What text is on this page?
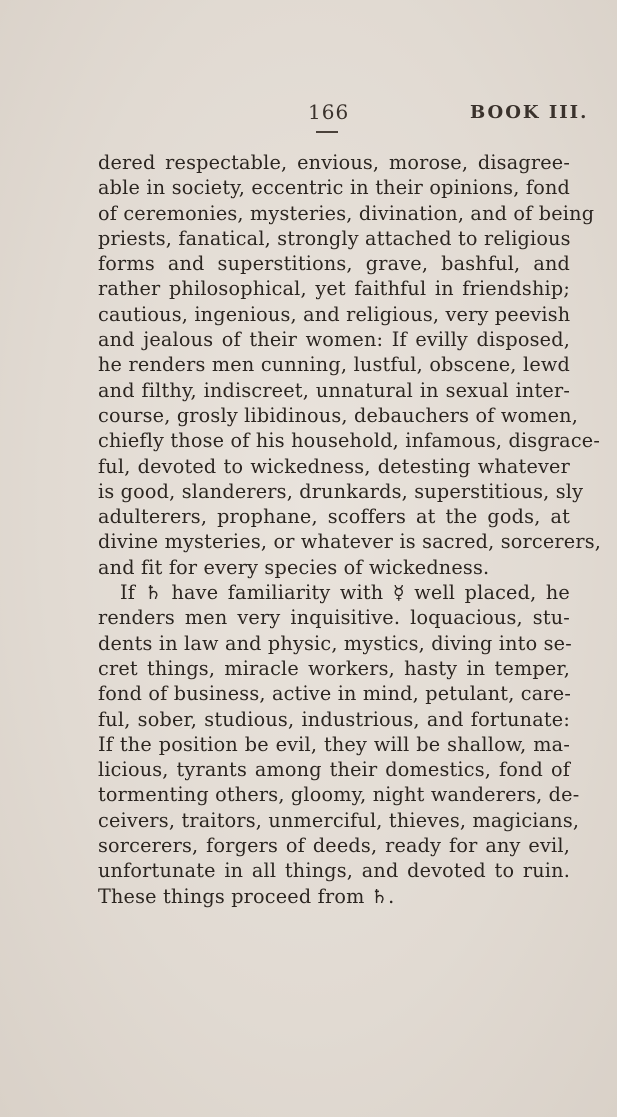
166	BOOK III.
dered respectable, envious, morose, disagree-
able in society, eccentric in their opinions, fond
of ceremonies, mysteries, divination, and of being
priests, fanatical, strongly attached to religious
forms and superstitions, grave, bashful, and
rather philosophical, yet faithful in friendship;
cautious, ingenious, and religious, very peevish
and jealous of their women: If evilly disposed,
he renders men cunning, lustful, obscene, lewd
and filthy, indiscreet, unnatural in sexual inter-
course, grosly libidinous, debauchers of women,
chiefly those of his household, infamous, disgrace-
ful, devoted to wickedness, detesting whatever
is good, slanderers, drunkards, superstitious, sly
adulterers, prophane, scoffers at the gods, at
divine mysteries, or whatever is sacred, sorcerers,
and fit for every species of wickedness.
If ♄ have familiarity with ☿ well placed, he
renders men very inquisitive. loquacious, stu-
dents in law and physic, mystics, diving into se-
cret things, miracle workers, hasty in temper,
fond of business, active in mind, petulant, care-
ful, sober, studious, industrious, and fortunate:
If the position be evil, they will be shallow, ma-
licious, tyrants among their domestics, fond of
tormenting others, gloomy, night wanderers, de-
ceivers, traitors, unmerciful, thieves, magicians,
sorcerers, forgers of deeds, ready for any evil,
unfortunate in all things, and devoted to ruin.
These things proceed from ♄.
